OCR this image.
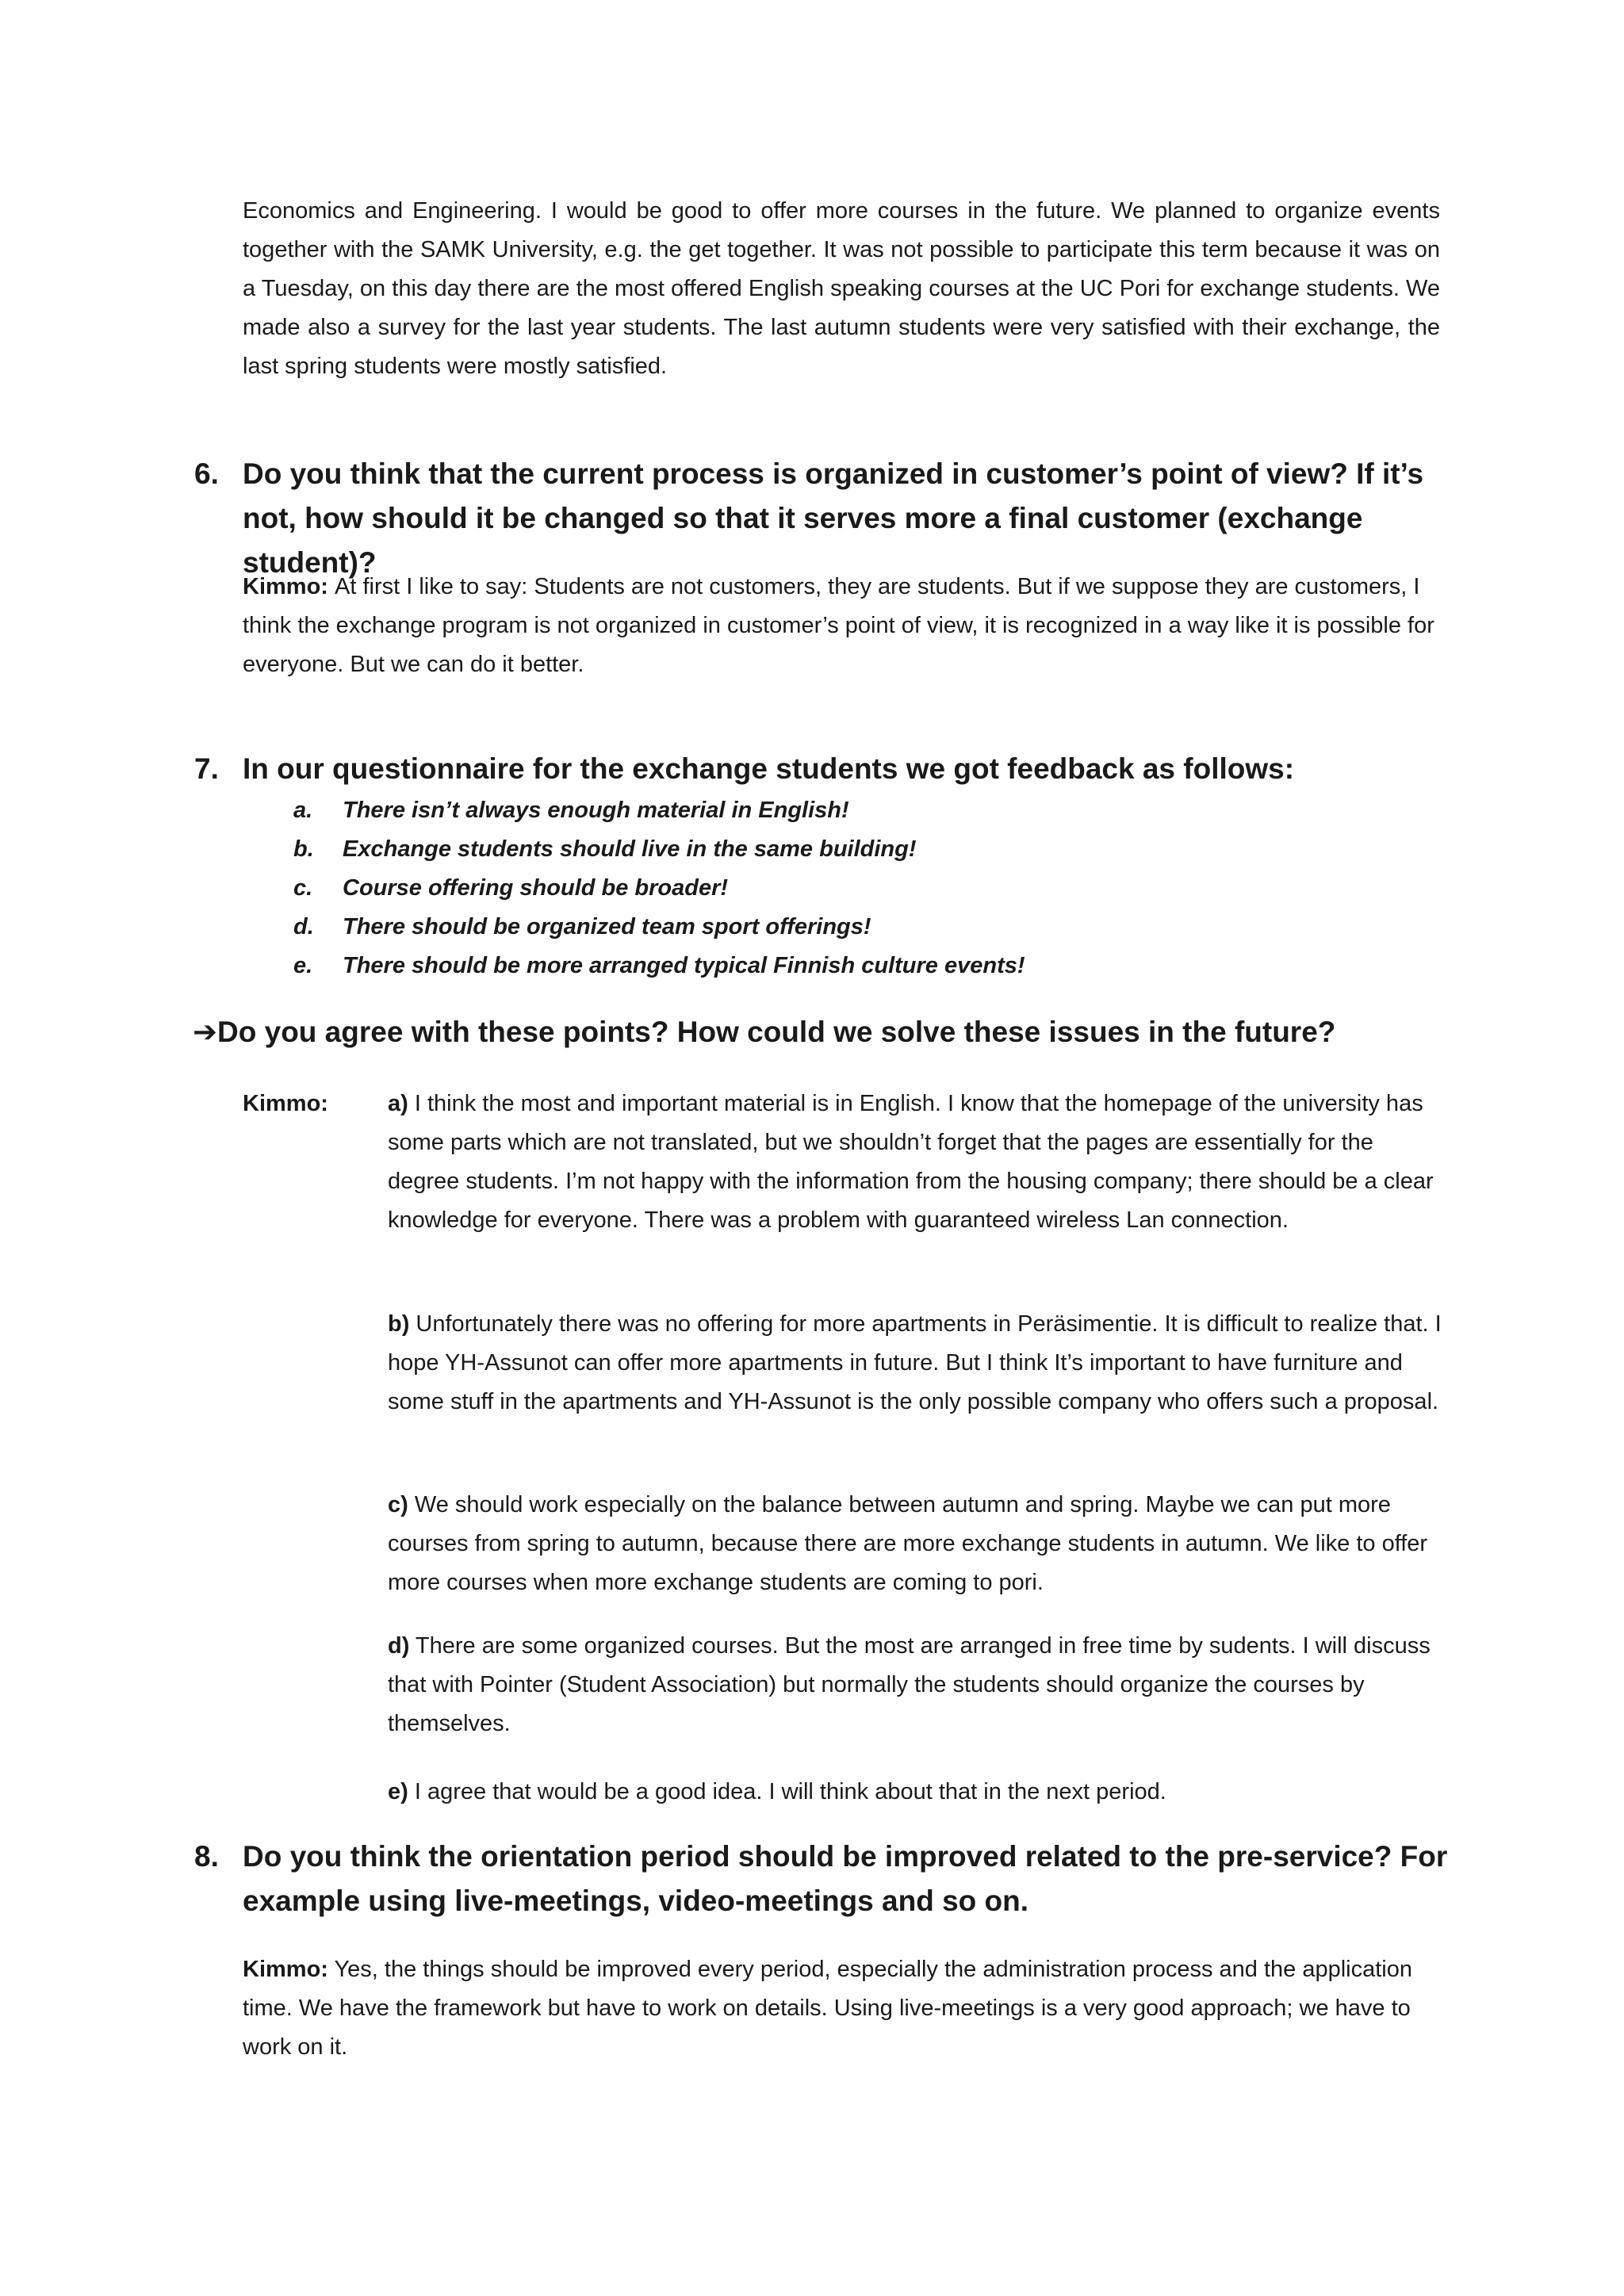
Economics and Engineering. I would be good to offer more courses in the future. We planned to organize events together with the SAMK University, e.g. the get together. It was not possible to participate this term because it was on a Tuesday, on this day there are the most offered English speaking courses at the UC Pori for exchange students. We made also a survey for the last year students. The last autumn students were very satisfied with their exchange, the last spring students were mostly satisfied.
6. Do you think that the current process is organized in customer’s point of view? If it’s not, how should it be changed so that it serves more a final customer (exchange student)?

Kimmo: At first I like to say: Students are not customers, they are students. But if we suppose they are customers, I think the exchange program is not organized in customer’s point of view, it is recognized in a way like it is possible for everyone. But we can do it better.

7. In our questionnaire for the exchange students we got feedback as follows:

a.	There isn’t always enough material in English!
b.	Exchange students should live in the same building!
c.	Course offering should be broader!
d.	There should be organized team sport offerings!
e.	There should be more arranged typical Finnish culture events!

➔Do you agree with these points? How could we solve these issues in the future?

Kimmo:	a) I think the most and important material is in English. I know that the homepage of the university has some parts which are not translated, but we shouldn’t forget that the pages are essentially for the degree students. I’m not happy with the information from the housing company; there should be a clear knowledge for everyone. There was a problem with guaranteed wireless Lan connection.

b) Unfortunately there was no offering for more apartments in Peräsimentie. It is difficult to realize that. I hope YH-Assunot can offer more apartments in future. But I think It’s important to have furniture and some stuff in the apartments and YH-Assunot is the only possible company who offers such a proposal.

c) We should work especially on the balance between autumn and spring. Maybe we can put more courses from spring to autumn, because there are more exchange students in autumn. We like to offer more courses when more exchange students are coming to pori.

d) There are some organized courses. But the most are arranged in free time by sudents. I will discuss that with Pointer (Student Association) but normally the students should organize the courses by themselves.

e) I agree that would be a good idea. I will think about that in the next period.

8. Do you think the orientation period should be improved related to the pre-service? For example using live-meetings, video-meetings and so on.

Kimmo: Yes, the things should be improved every period, especially the administration process and the application time. We have the framework but have to work on details. Using live-meetings is a very good approach; we have to work on it.
